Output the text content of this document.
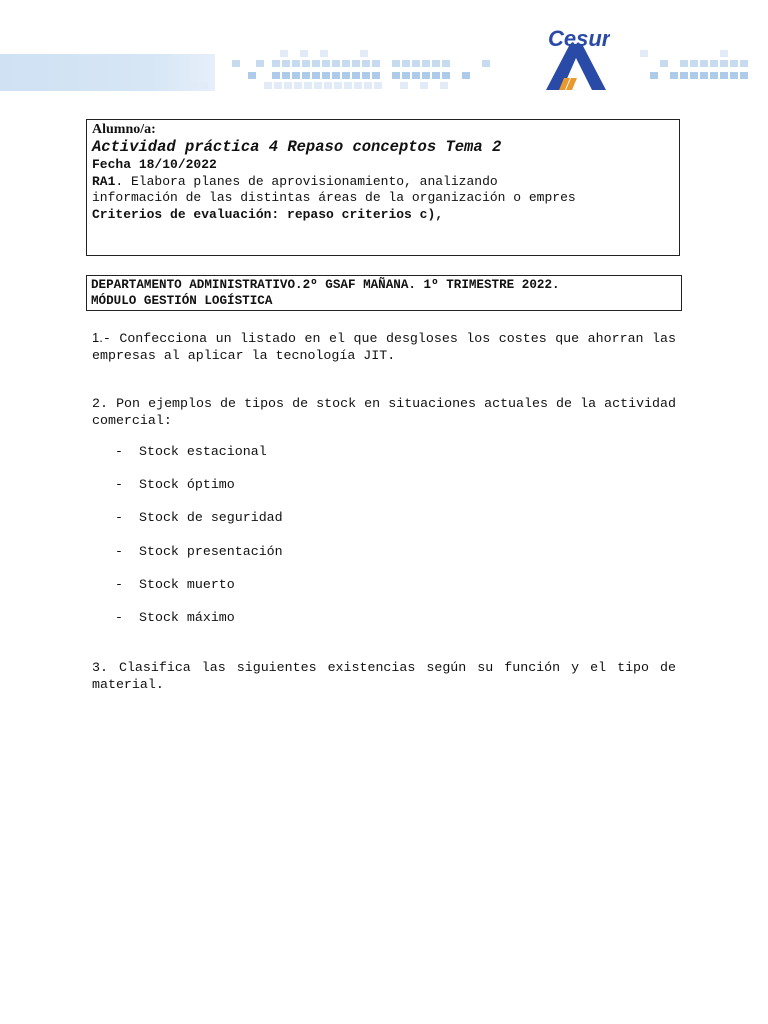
Cesur
Alumno/a:
Actividad práctica 4 Repaso conceptos Tema 2
Fecha 18/10/2022
RA1. Elabora planes de aprovisionamiento, analizando
información de las distintas áreas de la organización o empres
Criterios de evaluación: repaso criterios c),
DEPARTAMENTO ADMINISTRATIVO.2º GSAF MAÑANA. 1º TRIMESTRE 2022.
MÓDULO GESTIÓN LOGÍSTICA
1.- Confecciona un listado en el que desgloses los costes que ahorran las empresas al aplicar la tecnología JIT.
2. Pon ejemplos de tipos de stock en situaciones actuales de la actividad comercial:
- Stock estacional
- Stock óptimo
- Stock de seguridad
- Stock presentación
- Stock muerto
- Stock máximo
3. Clasifica las siguientes existencias según su función y el tipo de material.
